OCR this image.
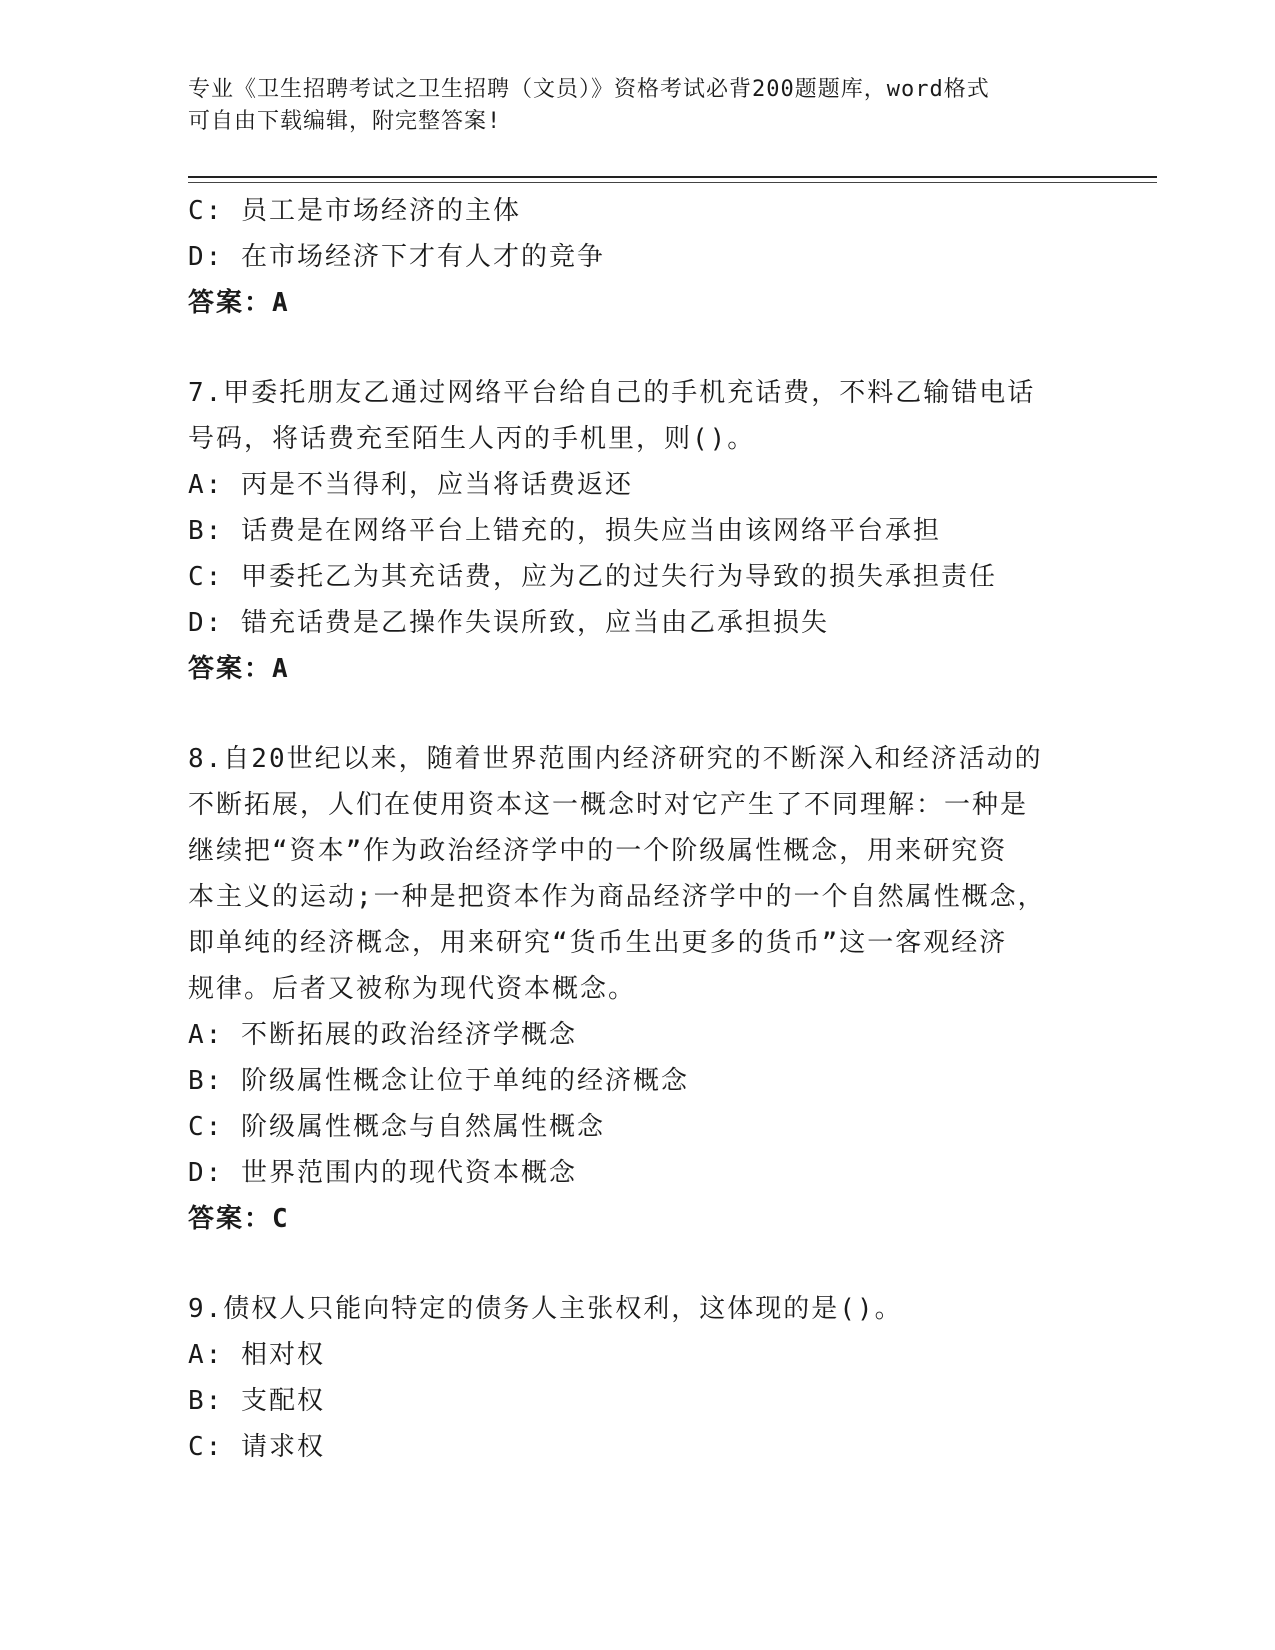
专业《卫生招聘考试之卫生招聘（文员）》资格考试必背200题题库，word格式
可自由下载编辑，附完整答案!
C: 员工是市场经济的主体
D: 在市场经济下才有人才的竞争
答案：A
7.甲委托朋友乙通过网络平台给自己的手机充话费，不料乙输错电话
号码，将话费充至陌生人丙的手机里，则()。
A: 丙是不当得利，应当将话费返还
B: 话费是在网络平台上错充的，损失应当由该网络平台承担
C: 甲委托乙为其充话费，应为乙的过失行为导致的损失承担责任
D: 错充话费是乙操作失误所致，应当由乙承担损失
答案：A
8.自20世纪以来，随着世界范围内经济研究的不断深入和经济活动的
不断拓展，人们在使用资本这一概念时对它产生了不同理解：一种是
继续把“资本”作为政治经济学中的一个阶级属性概念，用来研究资
本主义的运动;一种是把资本作为商品经济学中的一个自然属性概念，
即单纯的经济概念，用来研究“货币生出更多的货币”这一客观经济
规律。后者又被称为现代资本概念。
A: 不断拓展的政治经济学概念
B: 阶级属性概念让位于单纯的经济概念
C: 阶级属性概念与自然属性概念
D: 世界范围内的现代资本概念
答案：C
9.债权人只能向特定的债务人主张权利，这体现的是()。
A: 相对权
B: 支配权
C: 请求权
